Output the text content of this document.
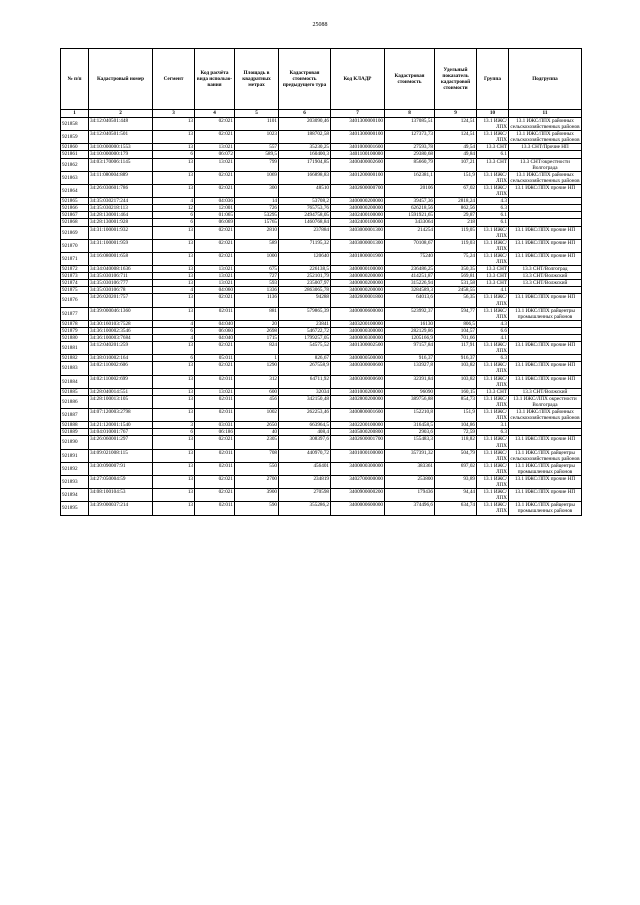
25088
№ п/п	Кадастровый номер	Сегмент	Код расчёта вида использо-вания	Площадь в квадратных метрах	Кадастровая стоимость предыдущего тура	Код КЛАДР	Кадастровая стоимость	Удельный показатель кадастровой стоимости	Группа	Подгруппа
1	2	3	4	5	6	7	8	9	10	11
921858	34:12:040501:448	13	02:021	1101	203090,46	3401300000100	137085,51	124,51	13.1 ИЖС/ЛПХ	13.1 ИЖС/ЛПХ районных сельскохозяйственных районов
921859	34:12:040501:501	13	02:021	1023	188702,58	3401300000100	127373,73	124,51	13.1 ИЖС/ЛПХ	13.1 ИЖС/ЛПХ районных сельскохозяйственных районов
921860	34:10:000000:1553	13	13:021	557	35230,25	3401000001600	27593,78	49,54	13.3 СНТ	13.3 СНТ/Прочие НП
921861	34:10:000000:179	6	06:072	589,5	160400,3	3401100100000	29380,68	49,84	6.1	
921862	34:03:170006:1145	13	13:021	799	171904,85	3400400002600	85660,79	107,21	13.3 СНТ	13.3 СНТ/окрестности Волгограда
921863	34:11:080004:889	13	02:021	1069	166898,83	3401200000100	162381,1	151,9	13.1 ИЖС/ЛПХ	13.1 ИЖС/ЛПХ районных сельскохозяйственных районов
921864	34:26:030601:786	13	02:021	300	48510	3402600000700	20106	67,02	13.1 ИЖС/ЛПХ	13.1 ИЖС/ЛПХ прочие НП
921865	34:35:030217:244	4	04:036	14	53708,2	3400000200000	39457,36	2818,24	4.3	
921866	34:35:030218:113	12	12:001	726	765753,76	3400000200000	626218,56	862,56	6.3	
921867	34:28:130001:464	6	01:065	53295	2494758,05	3402400100000	1591921,65	29,87	6.1	
921868	34:28:130001:928	6	06:069	15765	1460768,84	3402400100000	3433064	218	6.1	
921869	34:31:100001:932	13	02:021	2810	237884	3403000001300	214254	119,05	13.1 ИЖС/ЛПХ	13.1 ИЖС/ЛПХ прочие НП
921870	34:31:100001:959	13	02:021	589	71195,32	3403000001300	70108,67	119,03	13.1 ИЖС/ЛПХ	13.1 ИЖС/ЛПХ прочие НП
921871	34:16:080001:658	13	02:021	1000	120640	3401800001900	75240	75,24	13.1 ИЖС/ЛПХ	13.1 ИЖС/ЛПХ прочие НП
921872	34:34:040008:1636	13	13:021	675	226138,5	3400000100000	236486,25	350,35	13.3 СНТ	13.3 СНТ/Волгоград
921873	34:35:030106:711	13	13:021	727	252101,79	3400000200000	414251,87	569,81	13.3 СНТ	13.3 СНТ/Волжский
921874	34:35:030106:777	13	13:021	593	235007,97	3400000200000	315226,94	531,58	13.3 СНТ	13.3 СНТ/Волжский
921875	34:35:030106:78	4	04:060	1336	2863065,78	3400000200000	3284589,3	2458,55	4.1	
921876	34:26:020201:757	13	02:021	1136	94288	3402600001800	64013,6	56,35	13.1 ИЖС/ЛПХ	13.1 ИЖС/ЛПХ прочие НП
921877	34:39:000046:1360	13	02:011	881	579865,39	3400000600000	523992,37	594,77	13.1 ИЖС/ЛПХ	13.1 ИЖС/ЛПХ райцентры промышленных районов
921878	34:30:160103:7528	4	04:040	20	23841	3403200100000	16130	806,5	4.3	
921879	34:36:100002:3546	6	06:060	2698	546722,72	3400000300000	282129,86	104,57	6.6	
921880	34:36:100003:7684	4	04:040	1715	1799257,05	3400000300000	1205166,9	701,66	4.1	
921881	34:12:040201:259	13	02:021	824	54575,52	3401300002500	97157,84	117,91	13.1 ИЖС/ЛПХ	13.1 ИЖС/ЛПХ прочие НП
921882	34:38:010002:164	6	05:011	1	826,67	3400000500000	916,37	916,37	6.3	
921883	34:02:110002:606	13	02:021	1290	267558,9	3400300000600	133927,8	103,82	13.1 ИЖС/ЛПХ	13.1 ИЖС/ЛПХ прочие НП
921884	34:02:110002:699	13	02:011	312	64711,92	3400300000600	32391,84	103,82	13.1 ИЖС/ЛПХ	13.1 ИЖС/ЛПХ прочие НП
921885	34:28:040014:551	13	13:021	600	32034	3401000200000	96090	160,15	13.3 СНТ	13.3 СНТ/Волжский
921886	34:28:100013:105	13	02:011	456	342150,48	3402800200000	389756,88	854,73	13.1 ИЖС/ЛПХ	13.1 ИЖС/ЛПХ окрестности Волгограда
921887	34:07:120003:2798	13	02:011	1002	262253,46	3400800001600	152210,8	151,9	13.1 ИЖС/ЛПХ	13.1 ИЖС/ЛПХ районных сельскохозяйственных районов
921888	34:21:120001:1540	3	03:031	2650	663964,5	3402200100000	316458,5	104,86	3.1	
921889	34:04:010001:767	6	06:186	40	408,4	3405000200800	2903,6	72,59	6.3	
921890	34:26:060001:297	13	02:021	2305	308397,6	3402600001700	155483,3	118,82	13.1 ИЖС/ЛПХ	13.1 ИЖС/ЛПХ прочие НП
921891	34:09:021008:115	13	02:011	708	440970,72	3401000100000	357391,32	504,79	13.1 ИЖС/ЛПХ	13.1 ИЖС/ЛПХ райцентры сельскохозяйственных районов
921892	34:30:090007:91	13	02:011	550	456401	3400000300000	383361	697,02	13.1 ИЖС/ЛПХ	13.1 ИЖС/ЛПХ райцентры промышленных районов
921893	34:27:050004:59	13	02:021	2700	234819	3402700000000	253800	93,89	13.1 ИЖС/ЛПХ	13.1 ИЖС/ЛПХ прочие НП
921894	34:08:100104:53	13	02:021	3900	270598	3400900000200	179436	94,44	13.1 ИЖС/ЛПХ	13.1 ИЖС/ЛПХ прочие НП
921895	34:39:000037:214	13	02:011	590	355286,2	3400000600000	374496,6	634,74	13.1 ИЖС/ЛПХ	13.1 ИЖС/ЛПХ райцентры промышленных районов
